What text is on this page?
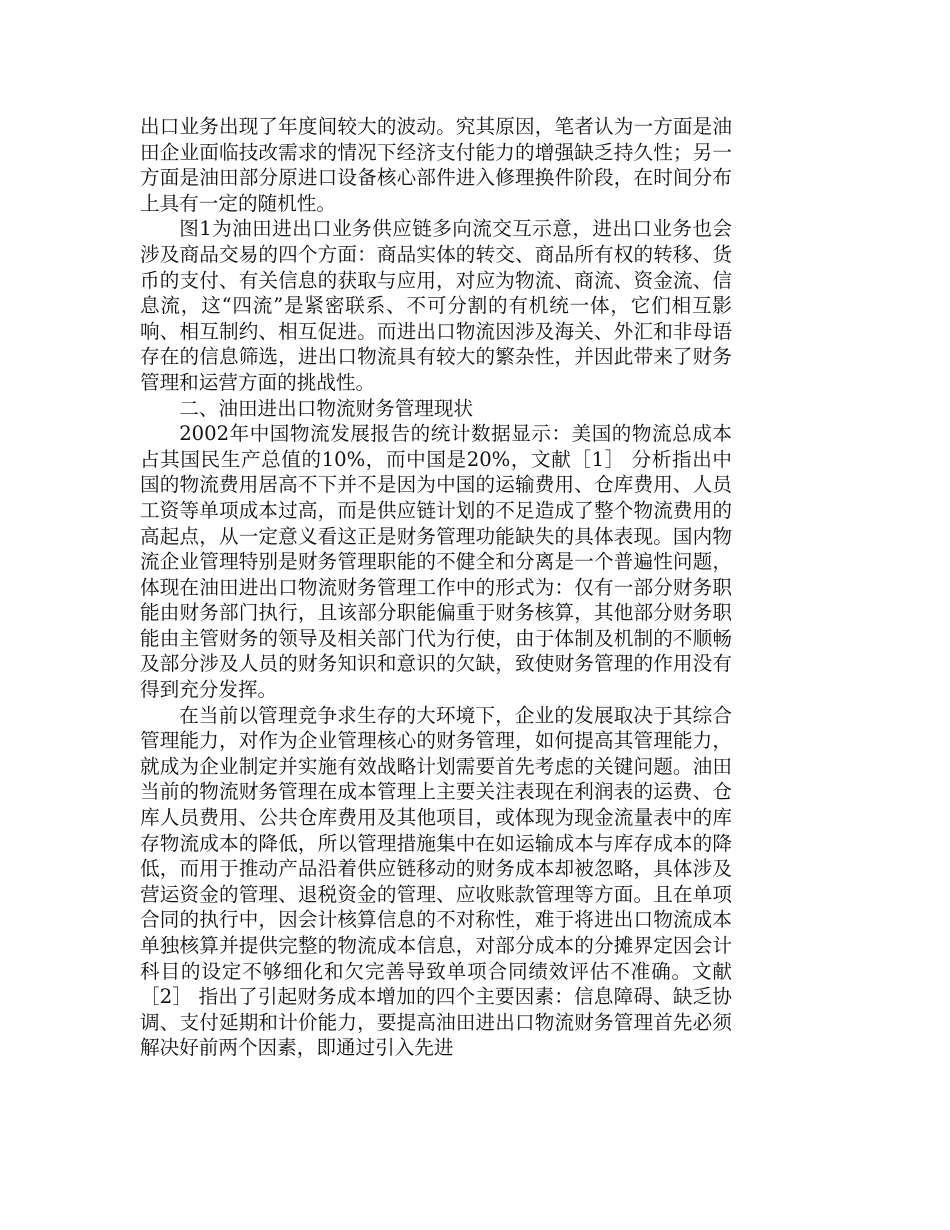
出口业务出现了年度间较大的波动。究其原因，笔者认为一方面是油田企业面临技改需求的情况下经济支付能力的增强缺乏持久性；另一方面是油田部分原进口设备核心部件进入修理换件阶段，在时间分布上具有一定的随机性。

图1为油田进出口业务供应链多向流交互示意，进出口业务也会涉及商品交易的四个方面：商品实体的转交、商品所有权的转移、货币的支付、有关信息的获取与应用，对应为物流、商流、资金流、信息流，这“四流”是紧密联系、不可分割的有机统一体，它们相互影响、相互制约、相互促进。而进出口物流因涉及海关、外汇和非母语存在的信息筛选，进出口物流具有较大的繁杂性，并因此带来了财务管理和运营方面的挑战性。

二、油田进出口物流财务管理现状

2002年中国物流发展报告的统计数据显示：美国的物流总成本占其国民生产总值的10%，而中国是20%，文献［1］ 分析指出中国的物流费用居高不下并不是因为中国的运输费用、仓库费用、人员工资等单项成本过高，而是供应链计划的不足造成了整个物流费用的高起点，从一定意义看这正是财务管理功能缺失的具体表现。国内物流企业管理特别是财务管理职能的不健全和分离是一个普遍性问题，体现在油田进出口物流财务管理工作中的形式为：仅有一部分财务职能由财务部门执行，且该部分职能偏重于财务核算，其他部分财务职能由主管财务的领导及相关部门代为行使，由于体制及机制的不顺畅及部分涉及人员的财务知识和意识的欠缺，致使财务管理的作用没有得到充分发挥。

在当前以管理竞争求生存的大环境下，企业的发展取决于其综合管理能力，对作为企业管理核心的财务管理，如何提高其管理能力，就成为企业制定并实施有效战略计划需要首先考虑的关键问题。油田当前的物流财务管理在成本管理上主要关注表现在利润表的运费、仓库人员费用、公共仓库费用及其他项目，或体现为现金流量表中的库存物流成本的降低，所以管理措施集中在如运输成本与库存成本的降低，而用于推动产品沿着供应链移动的财务成本却被忽略，具体涉及营运资金的管理、退税资金的管理、应收账款管理等方面。且在单项合同的执行中，因会计核算信息的不对称性，难于将进出口物流成本单独核算并提供完整的物流成本信息，对部分成本的分摊界定因会计科目的设定不够细化和欠完善导致单项合同绩效评估不准确。文献［2］ 指出了引起财务成本增加的四个主要因素：信息障碍、缺乏协调、支付延期和计价能力，要提高油田进出口物流财务管理首先必须解决好前两个因素，即通过引入先进
